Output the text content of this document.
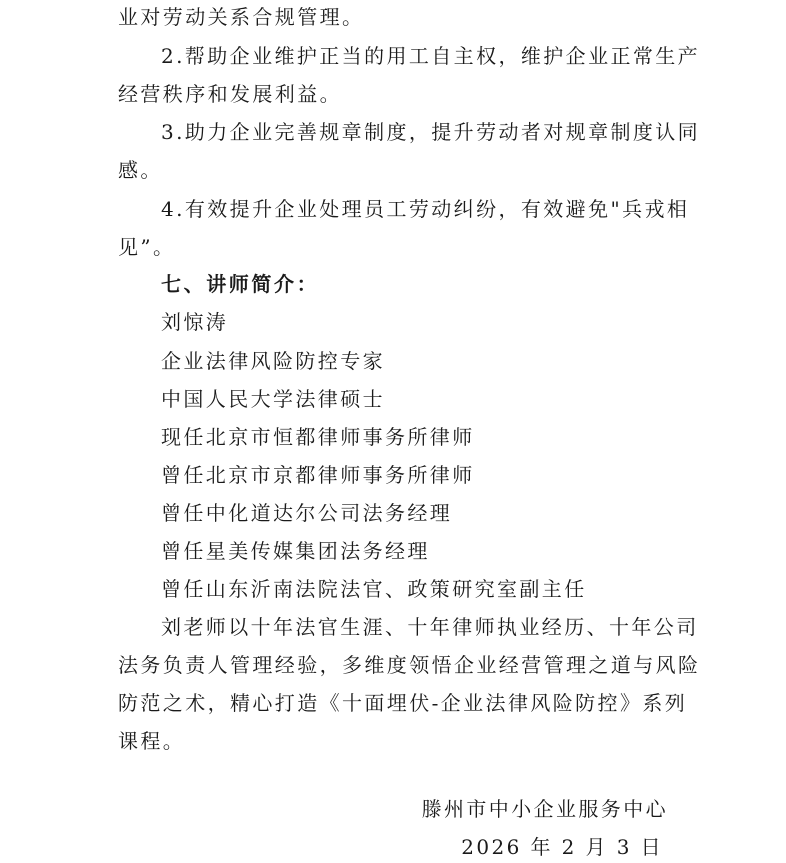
业对劳动关系合规管理。
2.帮助企业维护正当的用工自主权，维护企业正常生产
经营秩序和发展利益。
3.助力企业完善规章制度，提升劳动者对规章制度认同
感。
4.有效提升企业处理员工劳动纠纷，有效避免"兵戎相
见”。
七、讲师简介：
刘惊涛
企业法律风险防控专家
中国人民大学法律硕士
现任北京市恒都律师事务所律师
曾任北京市京都律师事务所律师
曾任中化道达尔公司法务经理
曾任星美传媒集团法务经理
曾任山东沂南法院法官、政策研究室副主任
刘老师以十年法官生涯、十年律师执业经历、十年公司
法务负责人管理经验，多维度领悟企业经营管理之道与风险
防范之术，精心打造《十面埋伏-企业法律风险防控》系列
课程。
滕州市中小企业服务中心
2026 年 2 月 3 日
